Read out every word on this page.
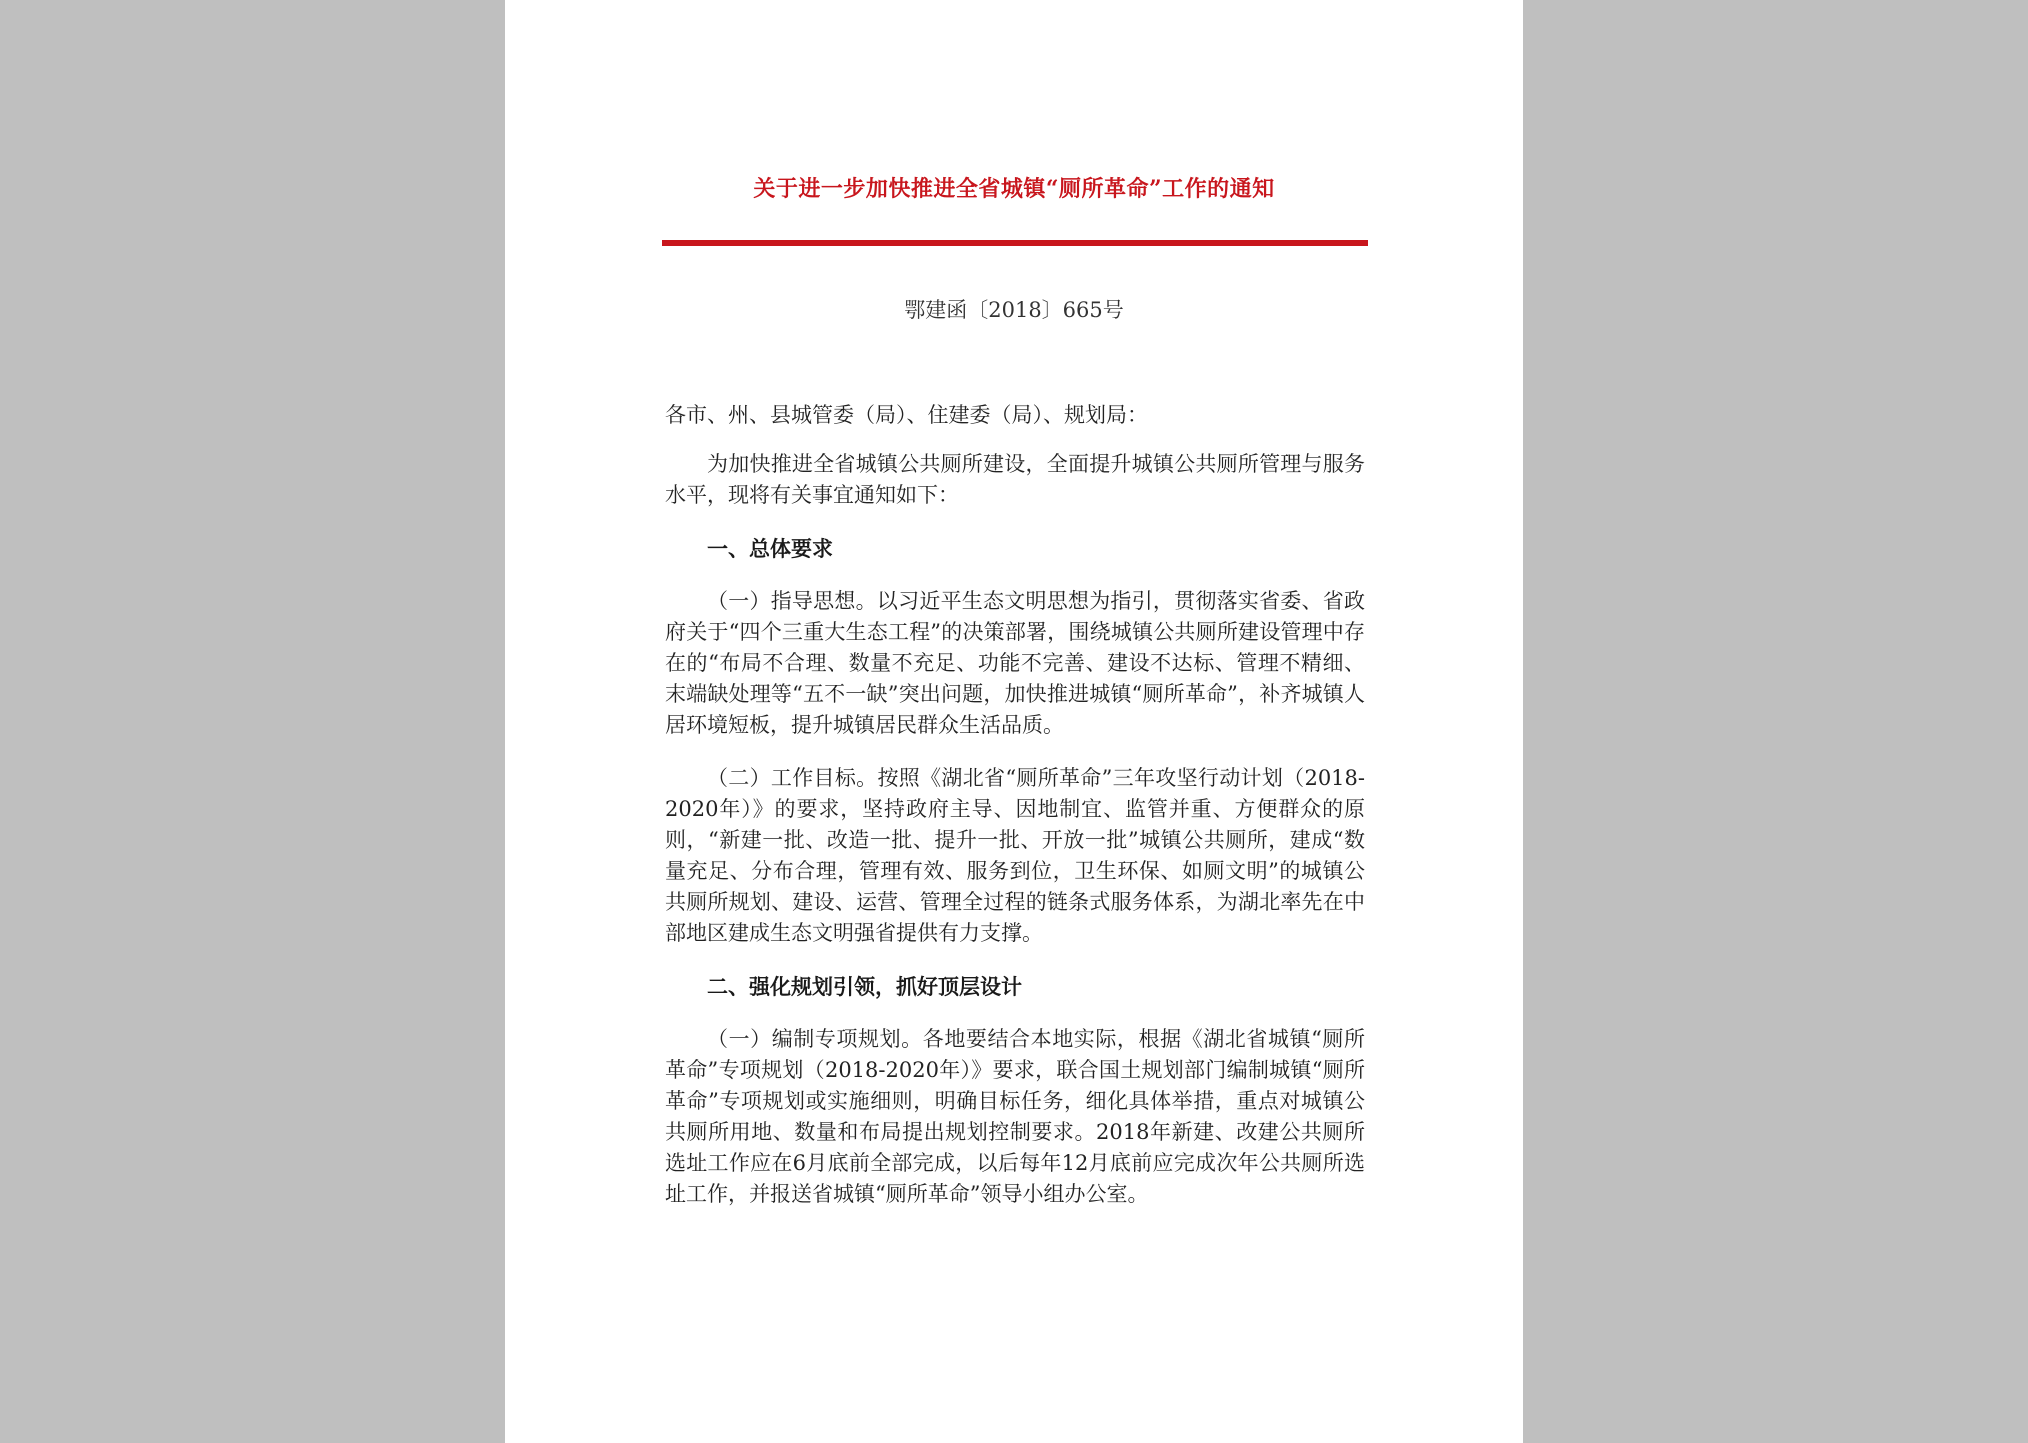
关于进一步加快推进全省城镇“厕所革命”工作的通知
鄂建函〔2018〕665号

各市、州、县城管委（局）、住建委（局）、规划局：

为加快推进全省城镇公共厕所建设，全面提升城镇公共厕所管理与服务水平，现将有关事宜通知如下：

一、总体要求

（一）指导思想。以习近平生态文明思想为指引，贯彻落实省委、省政府关于“四个三重大生态工程”的决策部署，围绕城镇公共厕所建设管理中存在的“布局不合理、数量不充足、功能不完善、建设不达标、管理不精细、末端缺处理等“五不一缺”突出问题，加快推进城镇“厕所革命”，补齐城镇人居环境短板，提升城镇居民群众生活品质。

（二）工作目标。按照《湖北省“厕所革命”三年攻坚行动计划（2018-2020年）》的要求，坚持政府主导、因地制宜、监管并重、方便群众的原则，“新建一批、改造一批、提升一批、开放一批”城镇公共厕所，建成“数量充足、分布合理，管理有效、服务到位，卫生环保、如厕文明”的城镇公共厕所规划、建设、运营、管理全过程的链条式服务体系，为湖北率先在中部地区建成生态文明强省提供有力支撑。

二、强化规划引领，抓好顶层设计

（一）编制专项规划。各地要结合本地实际，根据《湖北省城镇“厕所革命”专项规划（2018-2020年）》要求，联合国土规划部门编制城镇“厕所革命”专项规划或实施细则，明确目标任务，细化具体举措，重点对城镇公共厕所用地、数量和布局提出规划控制要求。2018年新建、改建公共厕所选址工作应在6月底前全部完成，以后每年12月底前应完成次年公共厕所选址工作，并报送省城镇“厕所革命”领导小组办公室。
